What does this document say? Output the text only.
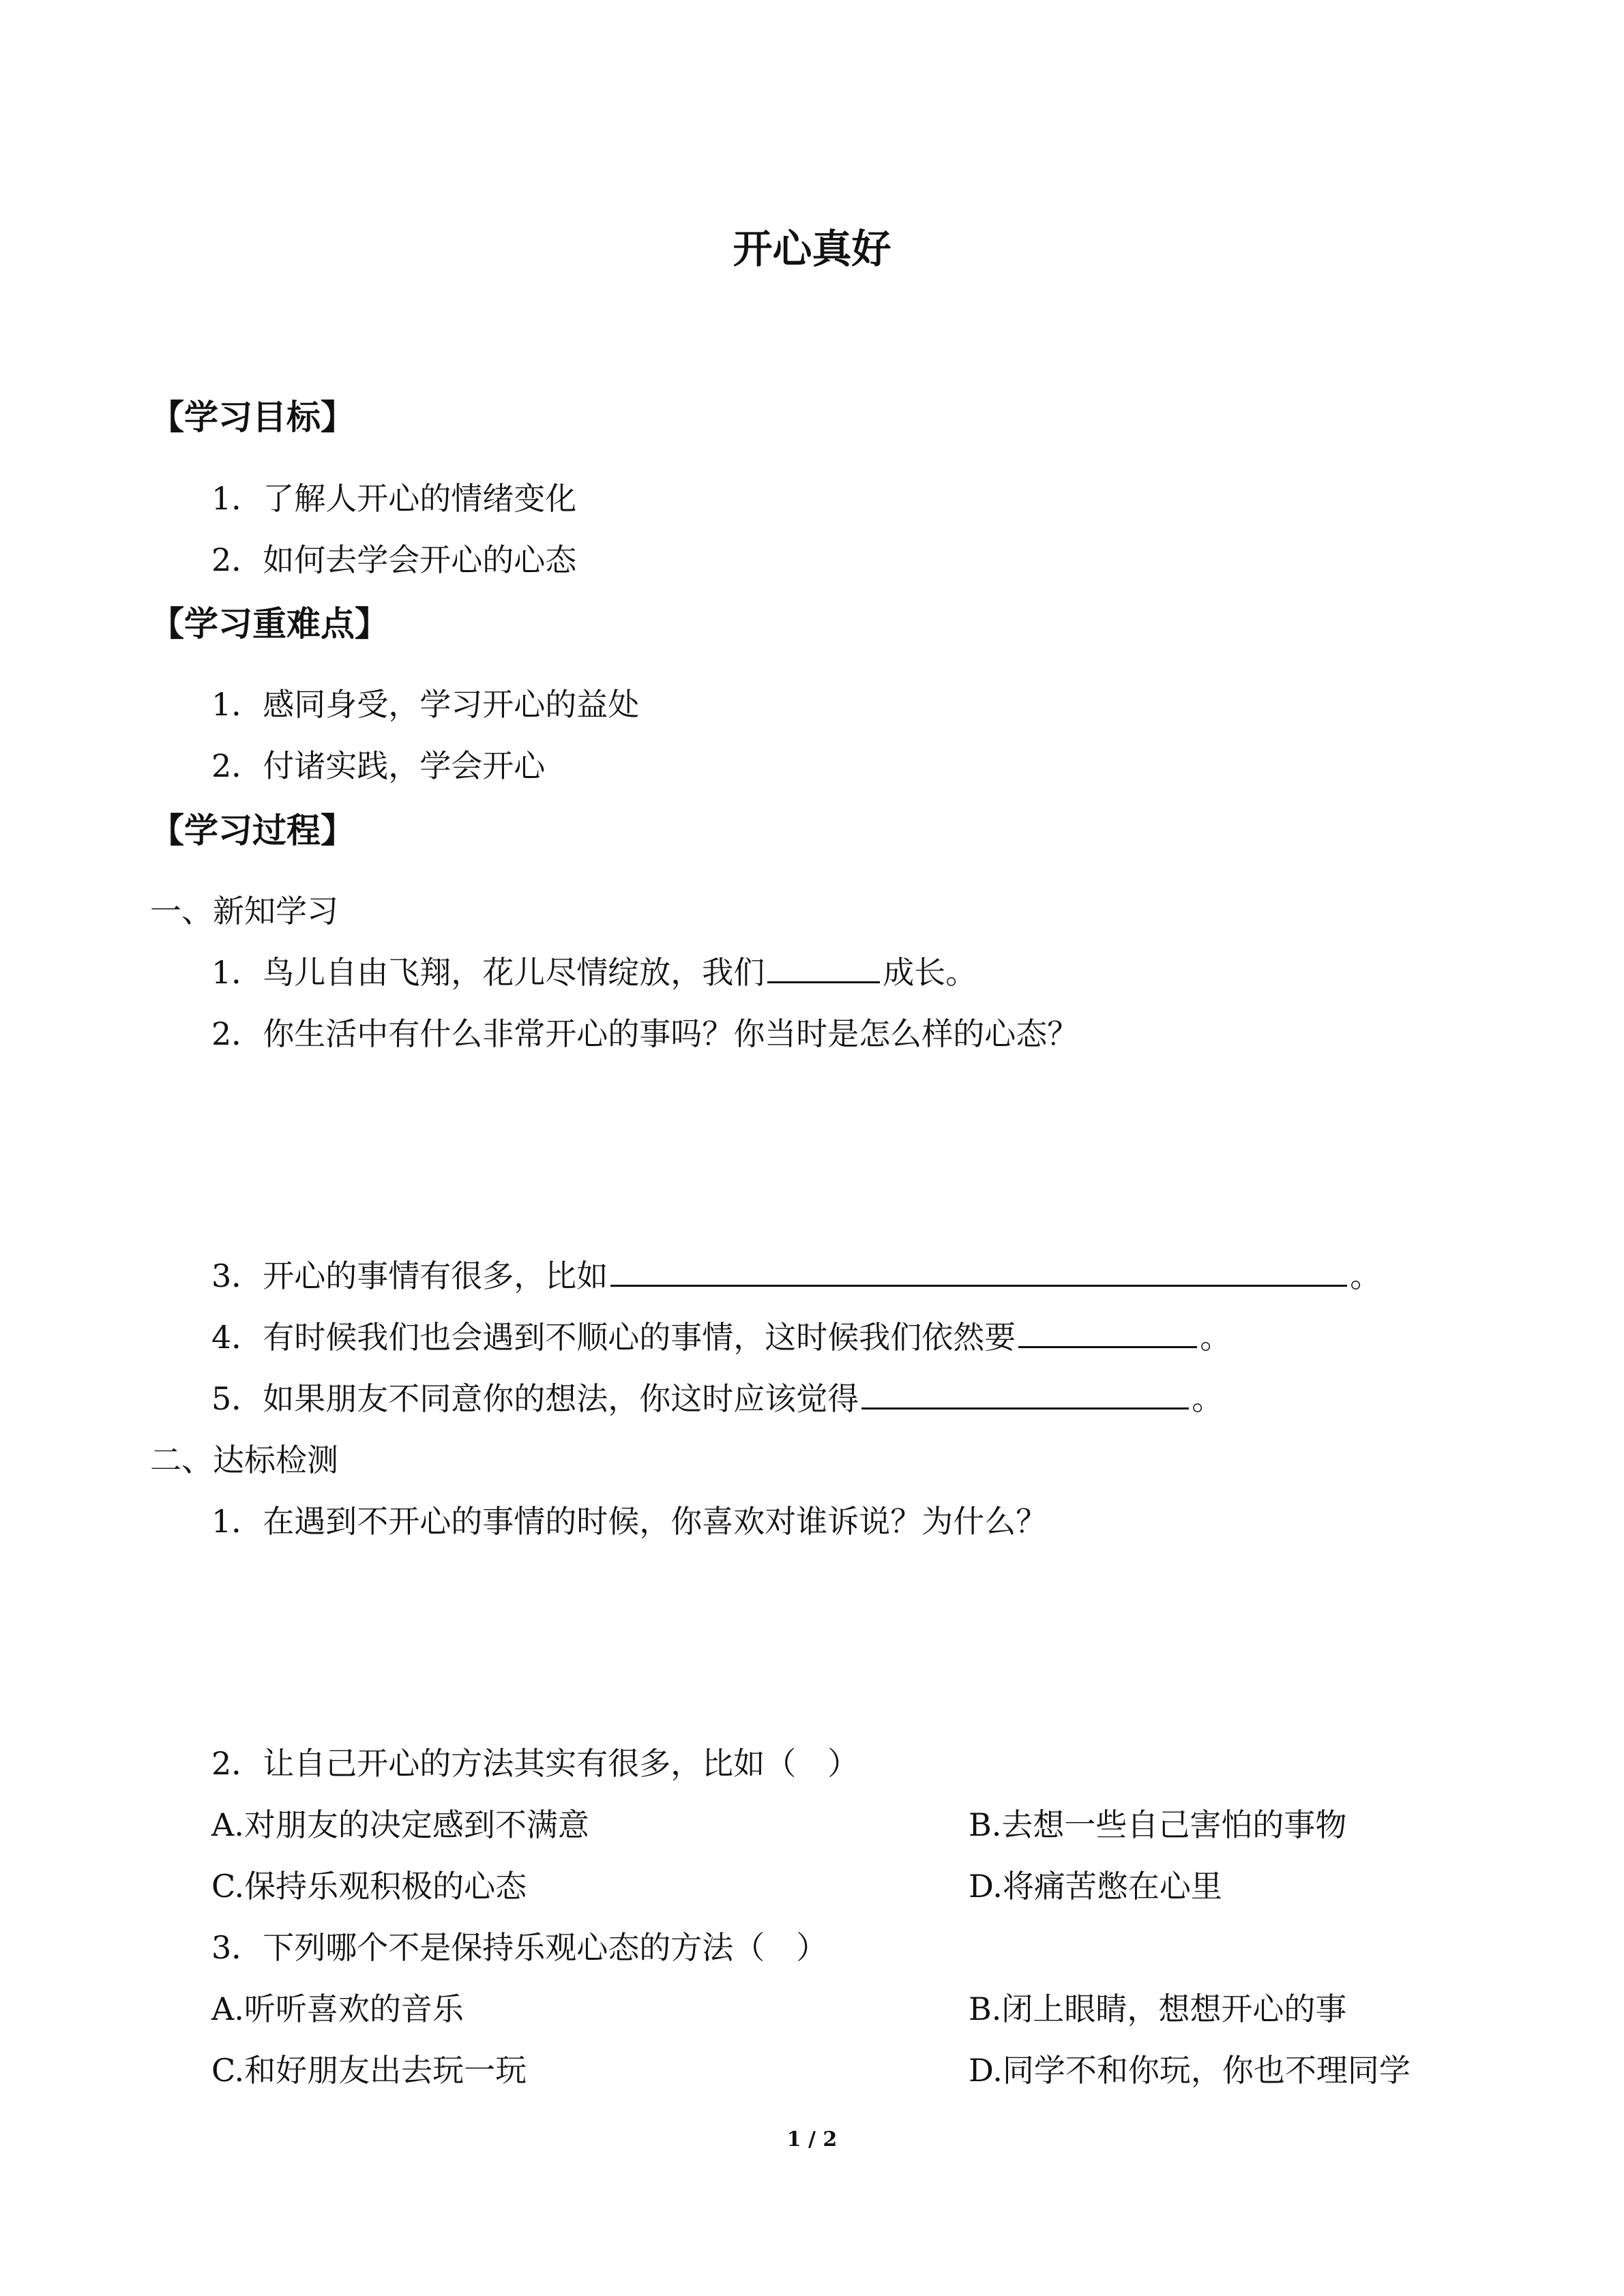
开心真好
【学习目标】
1．了解人开心的情绪变化
2．如何去学会开心的心态
【学习重难点】
1．感同身受，学习开心的益处
2．付诸实践，学会开心
【学习过程】
一、新知学习
1．鸟儿自由飞翔，花儿尽情绽放，我们	成长。
2．你生活中有什么非常开心的事吗？你当时是怎么样的心态？
3．开心的事情有很多，比如	。
4．有时候我们也会遇到不顺心的事情，这时候我们依然要	。
5．如果朋友不同意你的想法，你这时应该觉得	。
二、达标检测
1．在遇到不开心的事情的时候，你喜欢对谁诉说？为什么？
2．让自己开心的方法其实有很多，比如（　）
A.对朋友的决定感到不满意	B.去想一些自己害怕的事物
C.保持乐观积极的心态	D.将痛苦憋在心里
3．下列哪个不是保持乐观心态的方法（　）
A.听听喜欢的音乐	B.闭上眼睛，想想开心的事
C.和好朋友出去玩一玩	D.同学不和你玩，你也不理同学
1 / 2
